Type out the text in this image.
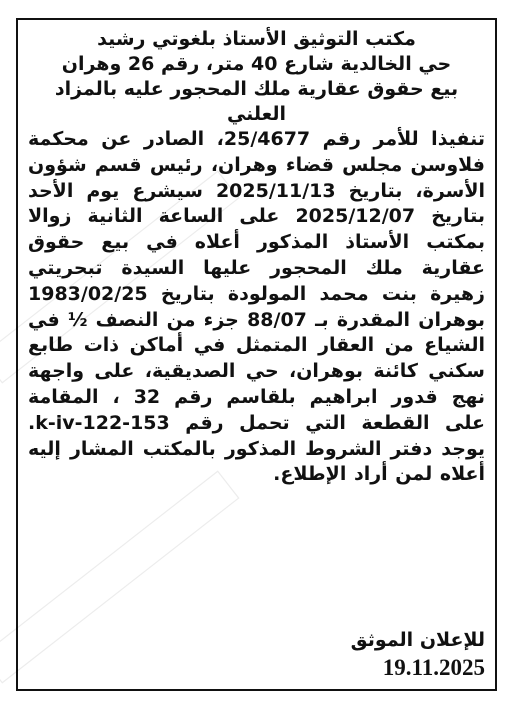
مكتب التوثيق الأستاذ بلغوتي رشيد
حي الخالدية شارع 40 متر، رقم 26 وهران
بيع حقوق عقارية ملك المحجور عليه بالمزاد
العلني
تنفيذا للأمر رقم 25/4677، الصادر عن محكمة فلاوسن مجلس قضاء وهران، رئيس قسم شؤون الأسرة، بتاريخ 2025/11/13 سيشرع يوم الأحد بتاريخ 2025/12/07 على الساعة الثانية زوالا بمكتب الأستاذ المذكور أعلاه في بيع حقوق عقارية ملك المحجور عليها السيدة تبحريتي زهيرة بنت محمد المولودة بتاريخ 1983/02/25 بوهران المقدرة بـ 88/07 جزء من النصف ½ في الشياع من العقار المتمثل في أماكن ذات طابع سكني كائنة بوهران، حي الصديقية، على واجهة نهج قدور ابراهيم بلقاسم رقم 32 ، المقامة على القطعة التي تحمل رقم k-iv-122-153. يوجد دفتر الشروط المذكور بالمكتب المشار إليه أعلاه لمن أراد الإطلاع.
للإعلان الموثق
19.11.2025
